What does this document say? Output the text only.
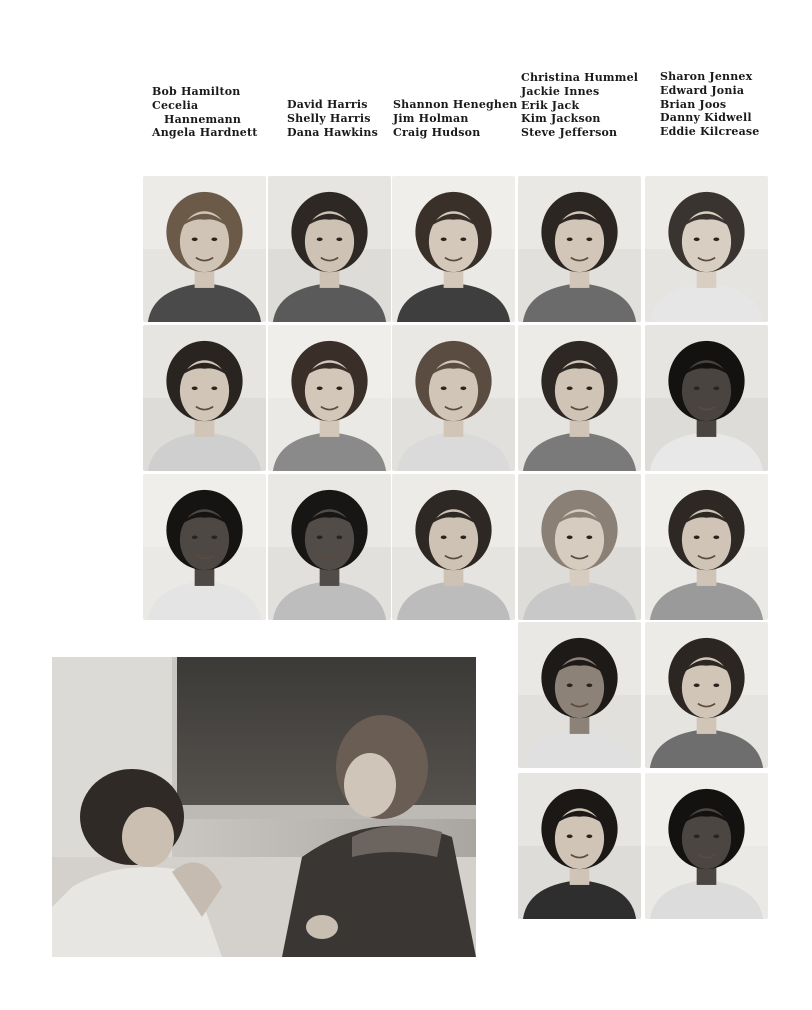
Bob Hamilton
Cecelia
Hannemann
Angela Hardnett
David Harris
Shelly Harris
Dana Hawkins
Shannon Heneghen
Jim Holman
Craig Hudson
Christina Hummel
Jackie Innes
Erik Jack
Kim Jackson
Steve Jefferson
Sharon Jennex
Edward Jonia
Brian Joos
Danny Kidwell
Eddie Kilcrease
